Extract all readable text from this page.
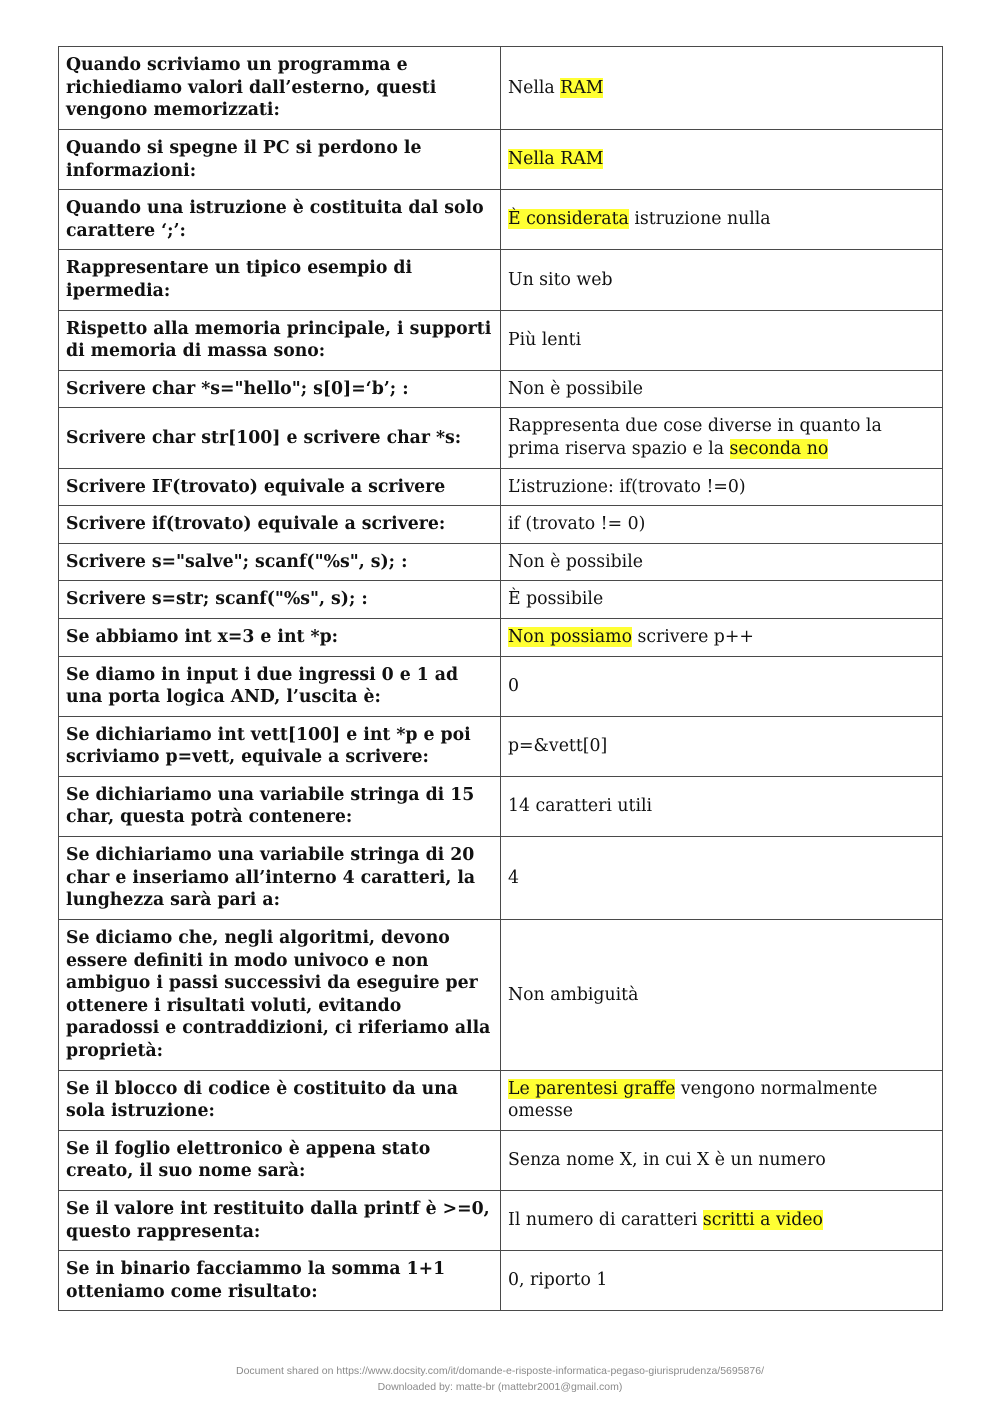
Quando scriviamo un programma e richiediamo valori dall’esterno, questi vengono memorizzati:	Nella RAM
Quando si spegne il PC si perdono le informazioni:	Nella RAM
Quando una istruzione è costituita dal solo carattere ‘;’:	È considerata istruzione nulla
Rappresentare un tipico esempio di ipermedia:	Un sito web
Rispetto alla memoria principale, i supporti di memoria di massa sono:	Più lenti
Scrivere char *s="hello"; s[0]=‘b’; :	Non è possibile
Scrivere char str[100] e scrivere char *s:	Rappresenta due cose diverse in quanto la prima riserva spazio e la seconda no
Scrivere IF(trovato) equivale a scrivere	L’istruzione: if(trovato !=0)
Scrivere if(trovato) equivale a scrivere:	if (trovato != 0)
Scrivere s="salve"; scanf("%s", s); :	Non è possibile
Scrivere s=str; scanf("%s", s); :	È possibile
Se abbiamo int x=3 e int *p:	Non possiamo scrivere p++
Se diamo in input i due ingressi 0 e 1 ad una porta logica AND, l’uscita è:	0
Se dichiariamo int vett[100] e int *p e poi scriviamo p=vett, equivale a scrivere:	p=&vett[0]
Se dichiariamo una variabile stringa di 15 char, questa potrà contenere:	14 caratteri utili
Se dichiariamo una variabile stringa di 20 char e inseriamo all’interno 4 caratteri, la lunghezza sarà pari a:	4
Se diciamo che, negli algoritmi, devono essere definiti in modo univoco e non ambiguo i passi successivi da eseguire per ottenere i risultati voluti, evitando paradossi e contraddizioni, ci riferiamo alla proprietà:	Non ambiguità
Se il blocco di codice è costituito da una sola istruzione:	Le parentesi graffe vengono normalmente omesse
Se il foglio elettronico è appena stato creato, il suo nome sarà:	Senza nome X, in cui X è un numero
Se il valore int restituito dalla printf è >=0, questo rappresenta:	Il numero di caratteri scritti a video
Se in binario facciammo la somma 1+1 otteniamo come risultato:	0, riporto 1
Document shared on https://www.docsity.com/it/domande-e-risposte-informatica-pegaso-giurisprudenza/5695876/
Downloaded by: matte-br (mattebr2001@gmail.com)
